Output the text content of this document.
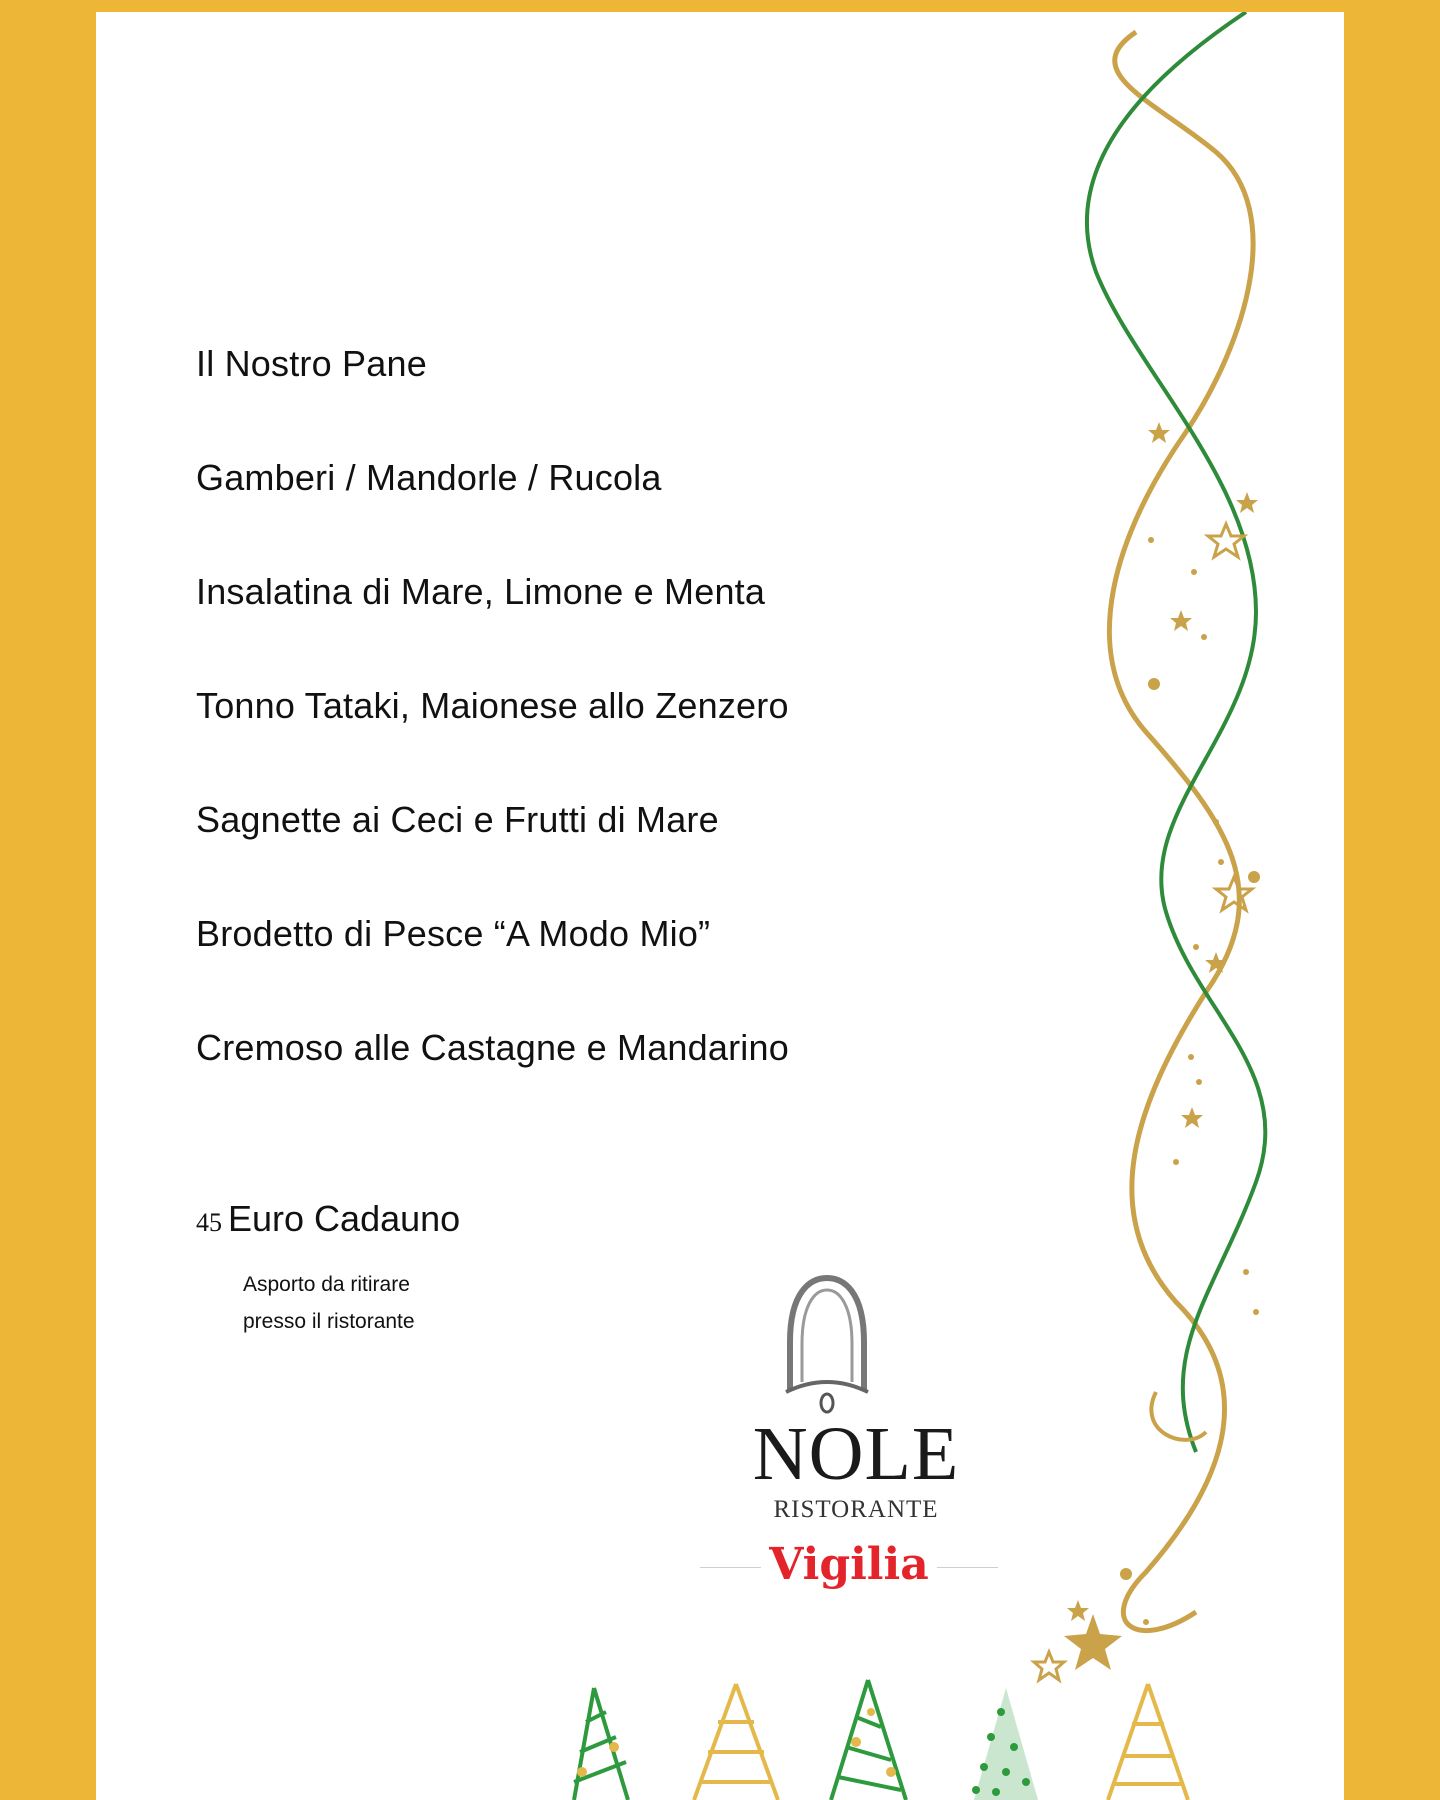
Il Nostro Pane
Gamberi / Mandorle / Rucola
Insalatina di Mare, Limone e Menta
Tonno Tataki, Maionese allo Zenzero
Sagnette ai Ceci e Frutti di Mare
Brodetto di Pesce “A Modo Mio”
Cremoso alle Castagne e Mandarino
45 Euro Cadauno
Asporto da ritirare
presso il ristorante
NOLE
RISTORANTE
Vigilia
